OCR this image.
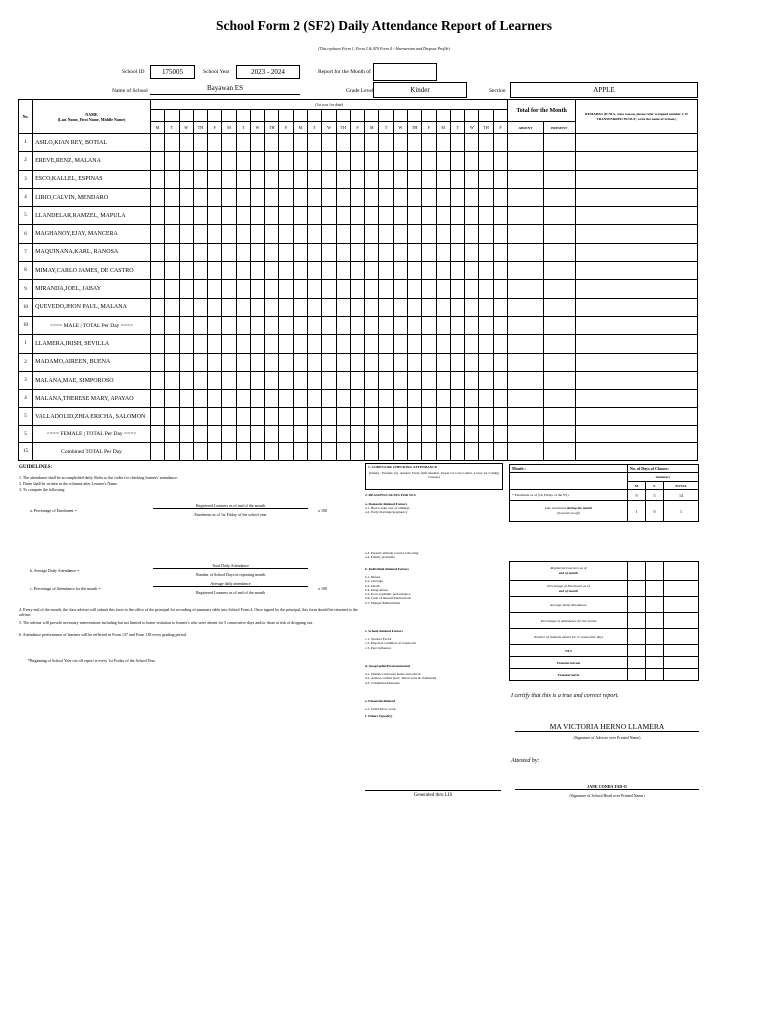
School Form 2 (SF2) Daily Attendance Report of Learners
(This replaces Form 1, Form 2 & STS Form 4 - Absenteeism and Dropout Profile)
School ID	175005	School Year	2023 - 2024	Report for the Month of
Name of School	Bayawan ES	Grade Level	Kinder	Section	APPLE
No.	NAME
(Last Name, First Name, Middle Name)	(1st row for date)																									Total for the Month		REMARKS (If NLS, state reason, please refer to legend number 2. If TRANSFERRED IN/OUT, write the name of School.)

		M	T	W	TH	F	M	T	W	TH	F	M	T	W	TH	F	M	T	W	TH	F	M	T	W	TH	F	ABSENT	PRESENT	
1	ASILO,KIAN REY, BOTIAL																												
2	EREVE,RENZ, MALANA																												
3	ESCO,KALLEL, ESPINAS																												
4	LIRIO,CALVIN, MENDARO																												
5	LLANDELAR,RAMZEL, MAPULA																												
6	MAGHANOY,EJAY, MANCERA																												
7	MAQUINANA,KARL, RANOSA																												
8	MIMAY,CARLO JAMES, DE CASTRO																												
9	MIRANDA,JOEL, JABAY																												
10	QUEVEDO,JHON PAUL, MALANA																												
10	<=== MALE | TOTAL Per Day ===>																												
1	LLAMERA,IRISH, SEVILLA																												
2	MADAMO,AIREEN, BUENA																												
3	MALANA,MAE, SIMPOROSO																												
4	MALANA,THERESE MARY, APAYAO																												
5	VALLADOLID,ZHIA ERICHA, SALOMON																												
5	<=== FEMALE | TOTAL Per Day ===>																												
15	Combined TOTAL Per Day																												
GUIDELINES:
1. The attendance shall be accomplished daily. Refer to the codes for checking learners' attendance.
2. Dates shall be written in the columns after Learner's Name.
3. To compute the following:
a. Percentage of Enrolment =
Registered Learners as of end of the month
Enrolment as of 1st Friday of the school year
x 100
b. Average Daily Attendance =
Total Daily Attendance
Number of School Days in reporting month
c. Percentage of Attendance for the month =
Average daily attendance
Registered Learners as of end of the month
x 100
4. Every end of the month, the class adviser will submit this form to the office of the principal for recording of summary table into School Form 4. Once signed by the principal, this form should be returned to the adviser.
5. The adviser will provide necessary interventions including but not limited to home visitation to learner's who were absent for 5 consecutive days and/or those at risk of dropping out.
6. Attendance performance of learners will be reflected in Form 137 and Form 138 every grading period.
*Beginning of School Year cut-off report is every 1st Friday of the School Year
1. CODES FOR CHECKING ATTENDANCE
(blank) - Present; (x)- Absent; Tardy (half shaded= Upper for Late Comer, Lower for Cutting Classes)
2. REASONS/CAUSES FOR NLS
a. Domestic-Related Factors
a.1. Had to take care of siblings
a.2. Early marriage/pregnancy
a.3. Parents' attitude toward schooling
a.4. Family problems
b. Individual-Related Factors
b.1. Illness
b.2. Overage
b.3. Death
b.4. Drug Abuse
b.5. Poor academic performance
b.6. Lack of interest/Distractions
b.7. Hunger/Malnutrition
c. School-Related Factors
c.1. Teacher Factor
c.2. Physical condition of classroom
c.3. Peer influence
d. Geographic/Environmental
d.1. Distance between home and school
d.2. Armed conflict (incl. Tribal wars & clanfeuds)
d.3. Calamities/Disasters
e. Financial-Related
e.1. Child labor, work
f. Others (Specify)
Generated thru LIS
Month :	No. of Days of Classes:		
	Summary		
	M	F	TOTAL
* Enrolment as of (1st Friday of the SY)	9	5	14
Late enrolment during the month
(beyond cut-off)	1	0	1
Registered Learners as of
end of month			
Percentage of Enrolment as of
end of month			
Average Daily Attendance			
Percentage of Attendance for the month			
Number of students absent for 5 consecutive days			
NLS			
Transferred out			
Transferred in			
I certify that this is a true and correct report.
MA VICTORIA HERNO LLAMERA
(Signature of Adviser over Printed Name)
Attested by:
JANE CONDA TAD-O
(Signature of School Head over Printed Name)
